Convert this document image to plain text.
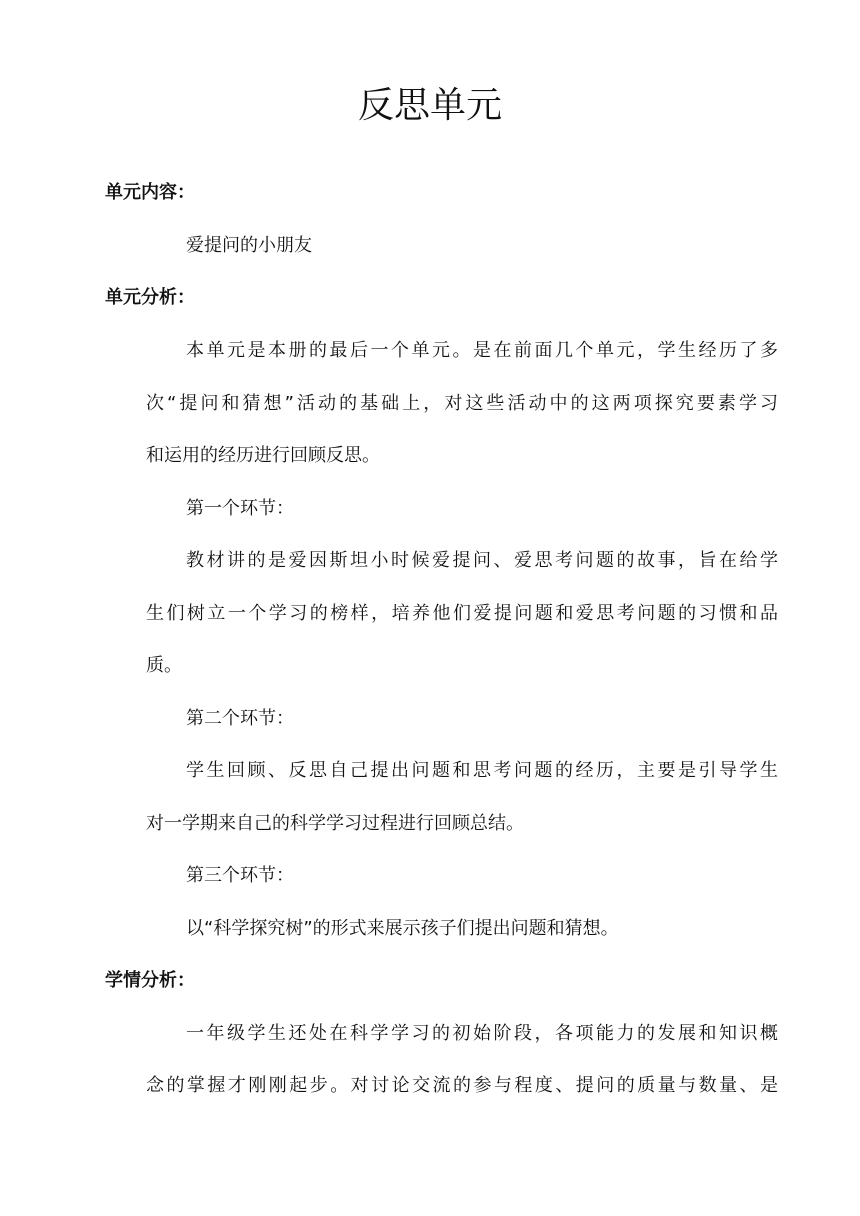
反思单元

单元内容：

爱提问的小朋友

单元分析：

本单元是本册的最后一个单元。是在前面几个单元，学生经历了多

次“提问和猜想”活动的基础上，对这些活动中的这两项探究要素学习

和运用的经历进行回顾反思。

第一个环节：

教材讲的是爱因斯坦小时候爱提问、爱思考问题的故事，旨在给学

生们树立一个学习的榜样，培养他们爱提问题和爱思考问题的习惯和品

质。

第二个环节：

学生回顾、反思自己提出问题和思考问题的经历，主要是引导学生

对一学期来自己的科学学习过程进行回顾总结。

第三个环节：

以“科学探究树”的形式来展示孩子们提出问题和猜想。

学情分析：

一年级学生还处在科学学习的初始阶段，各项能力的发展和知识概

念的掌握才刚刚起步。对讨论交流的参与程度、提问的质量与数量、是
